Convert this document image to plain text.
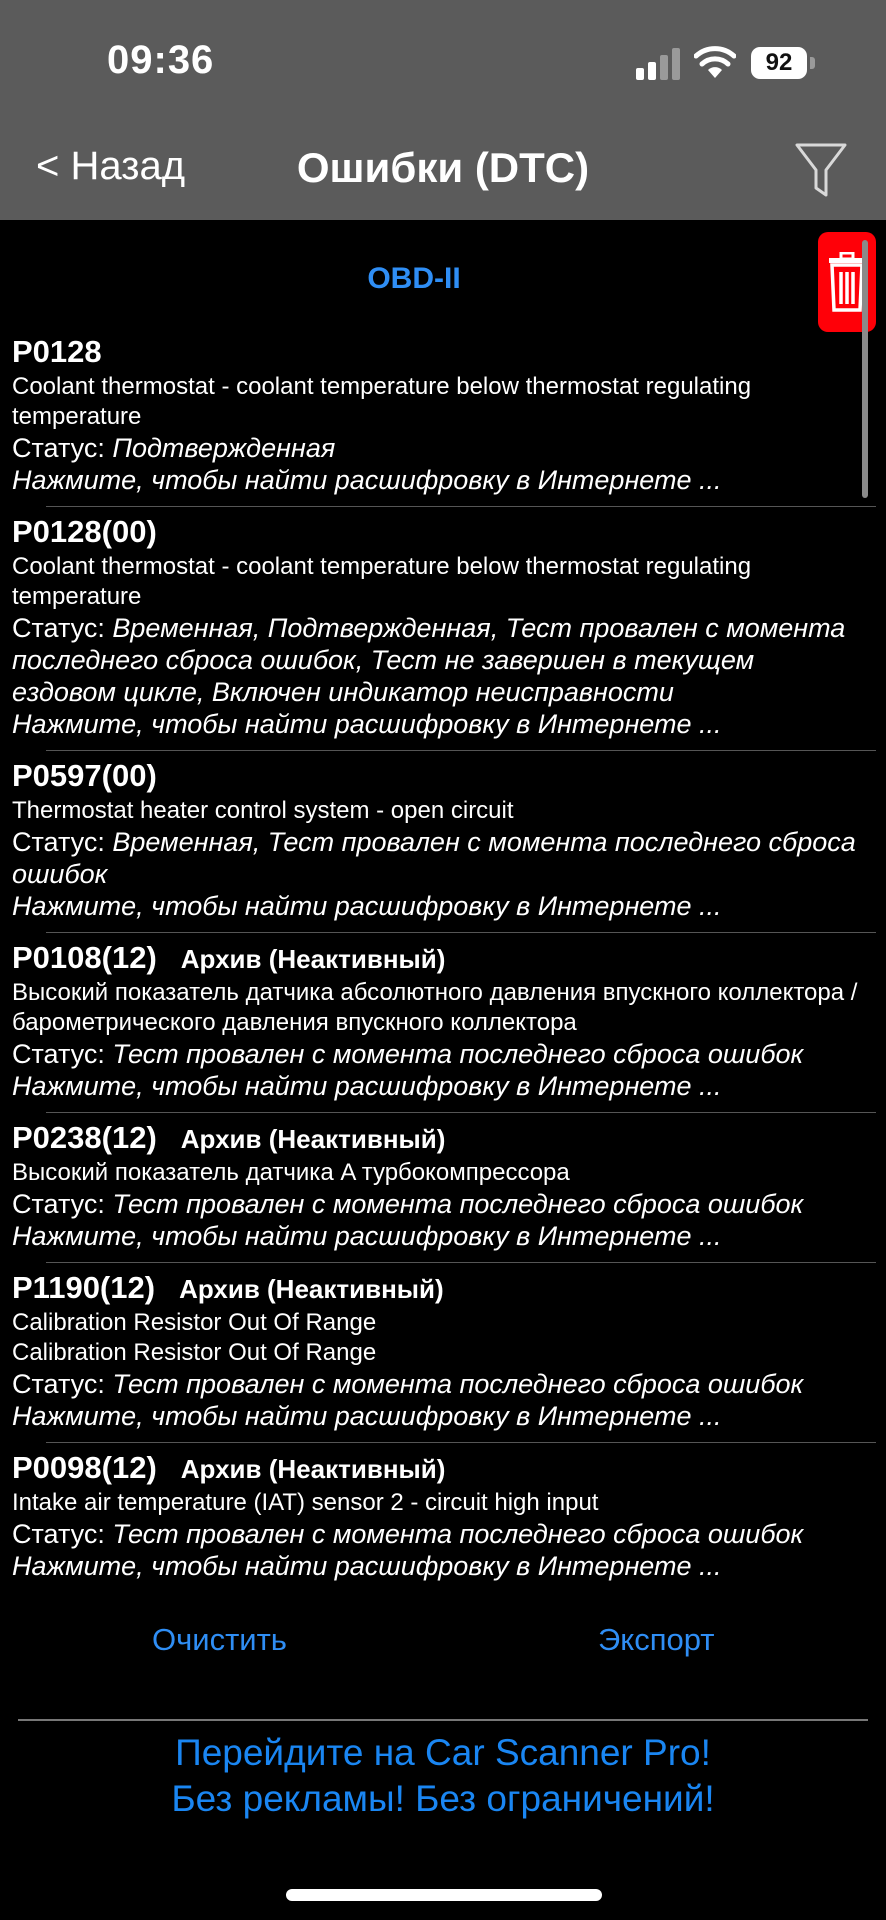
09:36	92
< Назад	Ошибки (DTC)
OBD-II
P0128
Coolant thermostat - coolant temperature below thermostat regulating temperature
Статус: Подтвержденная
Нажмите, чтобы найти расшифровку в Интернете ...
P0128(00)
Coolant thermostat - coolant temperature below thermostat regulating temperature
Статус: Временная, Подтвержденная, Тест провален с момента последнего сброса ошибок, Тест не завершен в текущем ездовом цикле, Включен индикатор неисправности
Нажмите, чтобы найти расшифровку в Интернете ...
P0597(00)
Thermostat heater control system - open circuit
Статус: Временная, Тест провален с момента последнего сброса ошибок
Нажмите, чтобы найти расшифровку в Интернете ...
P0108(12) Архив (Неактивный)
Высокий показатель датчика абсолютного давления впускного коллектора / барометрического давления впускного коллектора
Статус: Тест провален с момента последнего сброса ошибок
Нажмите, чтобы найти расшифровку в Интернете ...
P0238(12) Архив (Неактивный)
Высокий показатель датчика A турбокомпрессора
Статус: Тест провален с момента последнего сброса ошибок
Нажмите, чтобы найти расшифровку в Интернете ...
P1190(12) Архив (Неактивный)
Calibration Resistor Out Of Range
Calibration Resistor Out Of Range
Статус: Тест провален с момента последнего сброса ошибок
Нажмите, чтобы найти расшифровку в Интернете ...
P0098(12) Архив (Неактивный)
Intake air temperature (IAT) sensor 2 - circuit high input
Статус: Тест провален с момента последнего сброса ошибок
Нажмите, чтобы найти расшифровку в Интернете ...
Очистить	Экспорт
Перейдите на Car Scanner Pro!
Без рекламы! Без ограничений!
